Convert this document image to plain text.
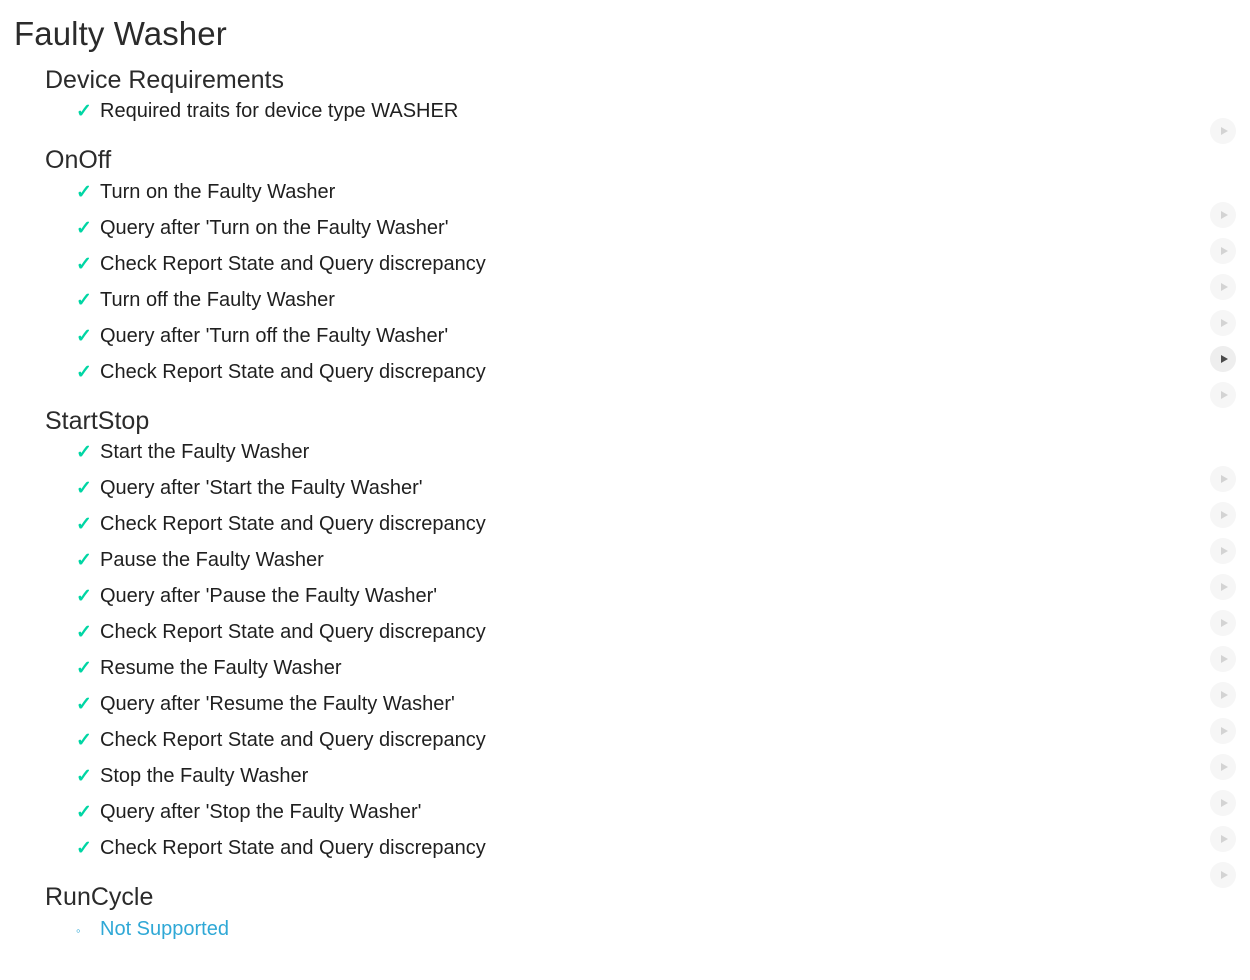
Faulty Washer
Device Requirements
✓ Required traits for device type WASHER
OnOff
✓ Turn on the Faulty Washer
✓ Query after 'Turn on the Faulty Washer'
✓ Check Report State and Query discrepancy
✓ Turn off the Faulty Washer
✓ Query after 'Turn off the Faulty Washer'
✓ Check Report State and Query discrepancy
StartStop
✓ Start the Faulty Washer
✓ Query after 'Start the Faulty Washer'
✓ Check Report State and Query discrepancy
✓ Pause the Faulty Washer
✓ Query after 'Pause the Faulty Washer'
✓ Check Report State and Query discrepancy
✓ Resume the Faulty Washer
✓ Query after 'Resume the Faulty Washer'
✓ Check Report State and Query discrepancy
✓ Stop the Faulty Washer
✓ Query after 'Stop the Faulty Washer'
✓ Check Report State and Query discrepancy
RunCycle
◦ Not Supported
